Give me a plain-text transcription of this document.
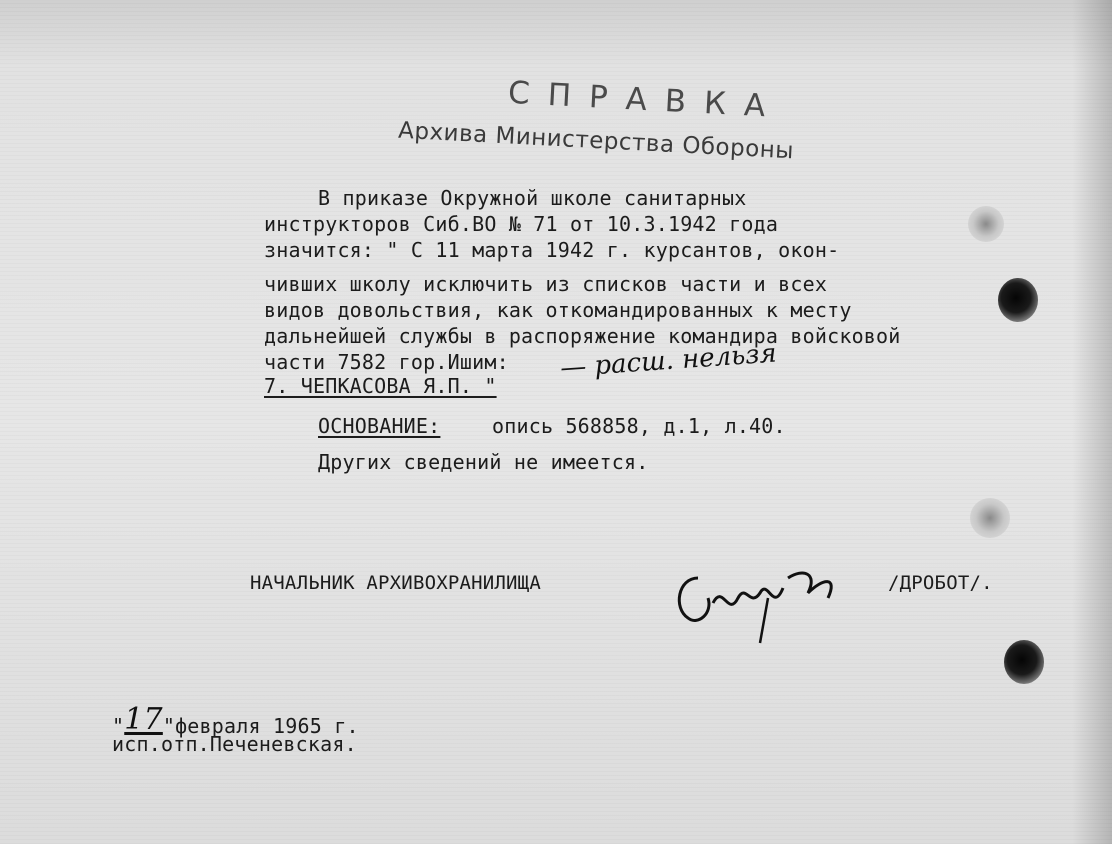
СПРАВКА
Архива Министерства Обороны
В приказе Окружной школе санитарных
инструкторов Сиб.ВО № 71 от 10.3.1942 года
значится: " С 11 марта 1942 г. курсантов, окон-
чивших школу исключить из списков части и всех
видов довольствия, как откомандированных к месту
дальнейшей службы в распоряжение командира войсковой
части 7582 гор.Ишим:
7. ЧЕПКАСОВА Я.П. "
— расш. нельзя
ОСНОВАНИЕ:	опись 568858, д.1, л.40.
Других сведений не имеется.
НАЧАЛЬНИК АРХИВОХРАНИЛИЩА	/ДРОБОТ/.
"17"февраля 1965 г.
исп.отп.Печеневская.
